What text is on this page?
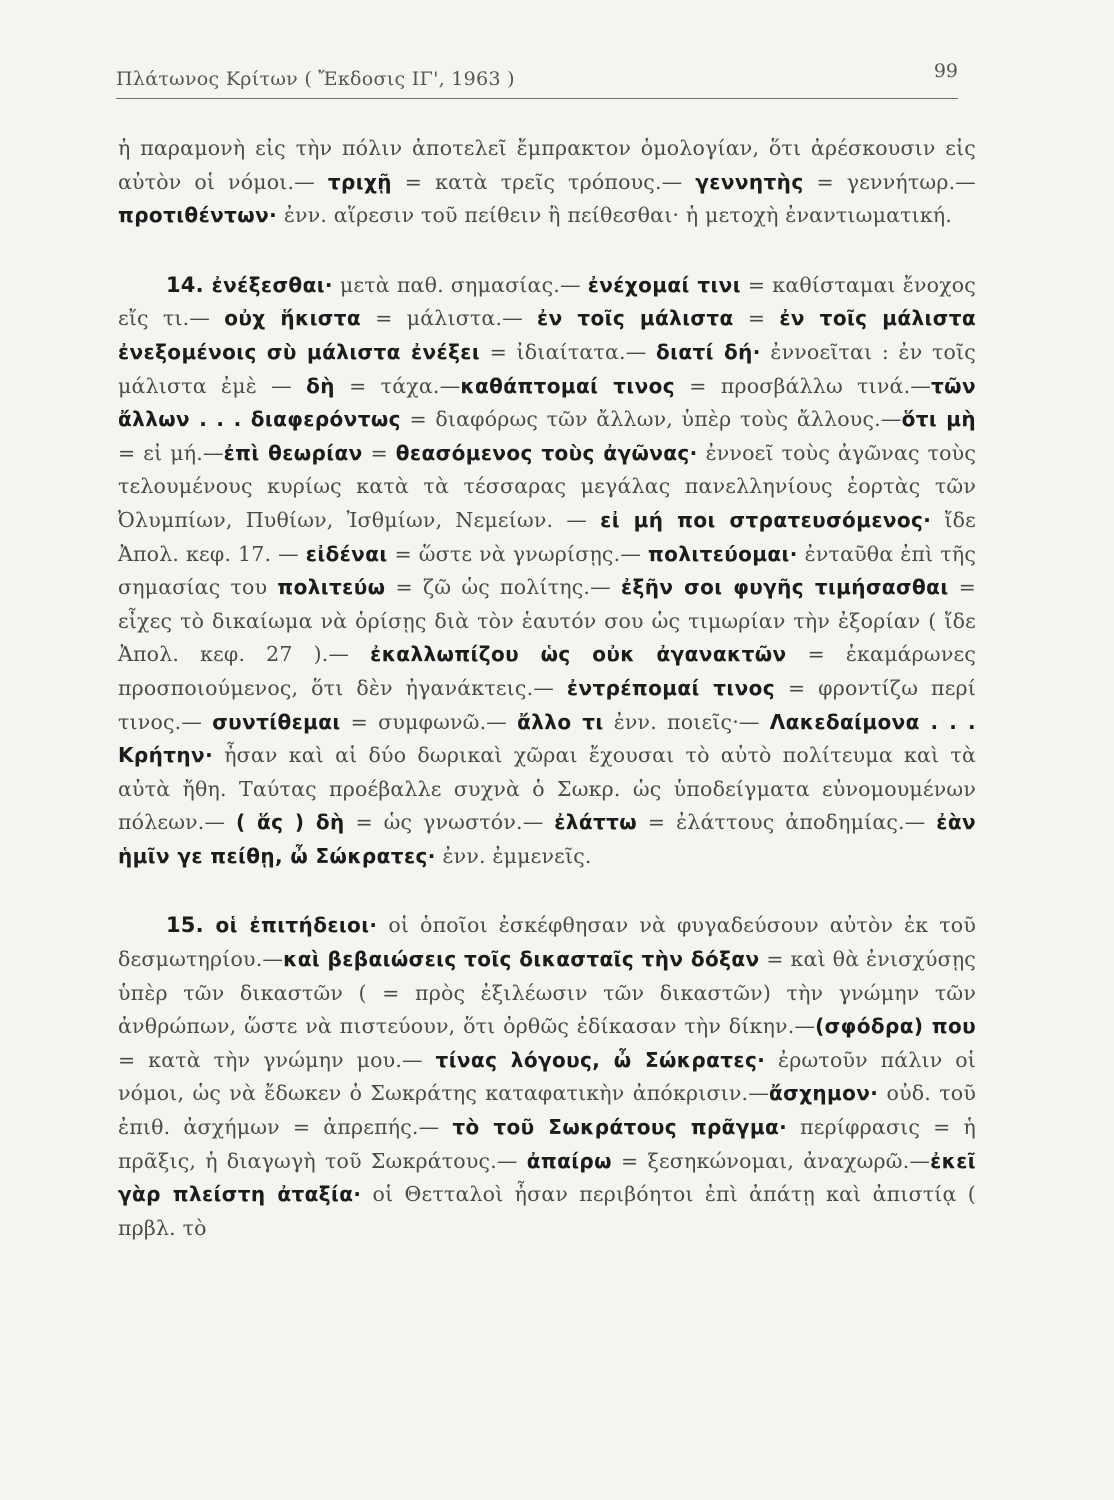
Πλάτωνος Κρίτων ( Ἔκδοσις ΙΓ', 1963 )	99

ἡ παραμονὴ εἰς τὴν πόλιν ἀποτελεῖ ἔμπρακτον ὁμολογίαν, ὅτι ἀρέσκουσιν εἰς αὐτὸν οἱ νόμοι.— τριχῇ = κατὰ τρεῖς τρόπους.— γεννητὴς = γεννήτωρ.— προτιθέντων· ἐνν. αἵρεσιν τοῦ πείθειν ἢ πείθεσθαι· ἡ μετοχὴ ἐναντιωματική.

14. ἐνέξεσθαι· μετὰ παθ. σημασίας.— ἐνέχομαί τινι = καθίσταμαι ἔνοχος εἴς τι.— οὐχ ἥκιστα = μάλιστα.— ἐν τοῖς μάλιστα = ἐν τοῖς μάλιστα ἐνεξομένοις σὺ μάλιστα ἐνέξει = ἰδιαίτατα.— διατί δή· ἐννοεῖται : ἐν τοῖς μάλιστα ἐμὲ — δὴ = τάχα.—καθάπτομαί τινος = προσβάλλω τινά.—τῶν ἄλλων . . . διαφερόντως = διαφόρως τῶν ἄλλων, ὑπὲρ τοὺς ἄλλους.—ὅτι μὴ = εἰ μή.—ἐπὶ θεωρίαν = θεασόμενος τοὺς ἀγῶνας· ἐννοεῖ τοὺς ἀγῶνας τοὺς τελουμένους κυρίως κατὰ τὰ τέσσαρας μεγάλας πανελληνίους ἑορτὰς τῶν Ὀλυμπίων, Πυθίων, Ἰσθμίων, Νεμείων. — εἰ μή ποι στρατευσόμενος· ἴδε Ἀπολ. κεφ. 17. — εἰδέναι = ὥστε νὰ γνωρίσῃς.— πολιτεύομαι· ἐνταῦθα ἐπὶ τῆς σημασίας του πολιτεύω = ζῶ ὡς πολίτης.— ἐξῆν σοι φυγῆς τιμήσασθαι = εἶχες τὸ δικαίωμα νὰ ὁρίσῃς διὰ τὸν ἑαυτόν σου ὡς τιμωρίαν τὴν ἐξορίαν ( ἴδε Ἀπολ. κεφ. 27 ).— ἐκαλλωπίζου ὡς οὐκ ἀγανακτῶν = ἐκαμάρωνες προσποιούμενος, ὅτι δὲν ἠγανάκτεις.— ἐντρέπομαί τινος = φροντίζω περί τινος.— συντίθεμαι = συμφωνῶ.— ἄλλο τι ἐνν. ποιεῖς·— Λακεδαίμονα . . . Κρήτην· ἦσαν καὶ αἱ δύο δωρικαὶ χῶραι ἔχουσαι τὸ αὐτὸ πολίτευμα καὶ τὰ αὐτὰ ἤθη. Ταύτας προέβαλλε συχνὰ ὁ Σωκρ. ὡς ὑποδείγματα εὐνομουμένων πόλεων.— ( ἅς ) δὴ = ὡς γνωστόν.— ἐλάττω = ἐλάττους ἀποδημίας.— ἐὰν ἡμῖν γε πείθῃ, ὦ Σώκρατες· ἐνν. ἐμμενεῖς.

15. οἱ ἐπιτήδειοι· οἱ ὁποῖοι ἐσκέφθησαν νὰ φυγαδεύσουν αὐτὸν ἐκ τοῦ δεσμωτηρίου.—καὶ βεβαιώσεις τοῖς δικασταῖς τὴν δόξαν = καὶ θὰ ἐνισχύσῃς ὑπὲρ τῶν δικαστῶν ( = πρὸς ἐξιλέωσιν τῶν δικαστῶν) τὴν γνώμην τῶν ἀνθρώπων, ὥστε νὰ πιστεύουν, ὅτι ὀρθῶς ἐδίκασαν τὴν δίκην.—(σφόδρα) που = κατὰ τὴν γνώμην μου.— τίνας λόγους, ὦ Σώκρατες· ἐρωτοῦν πάλιν οἱ νόμοι, ὡς νὰ ἔδωκεν ὁ Σωκράτης καταφατικὴν ἀπόκρισιν.—ἄσχημον· οὐδ. τοῦ ἐπιθ. ἀσχήμων = ἀπρεπής.— τὸ τοῦ Σωκράτους πρᾶγμα· περίφρασις = ἡ πρᾶξις, ἡ διαγωγὴ τοῦ Σωκράτους.— ἀπαίρω = ξεσηκώνομαι, ἀναχωρῶ.—ἐκεῖ γὰρ πλείστη ἀταξία· οἱ Θετταλοὶ ἦσαν περιβόητοι ἐπὶ ἀπάτῃ καὶ ἀπιστίᾳ ( πρβλ. τὸ
